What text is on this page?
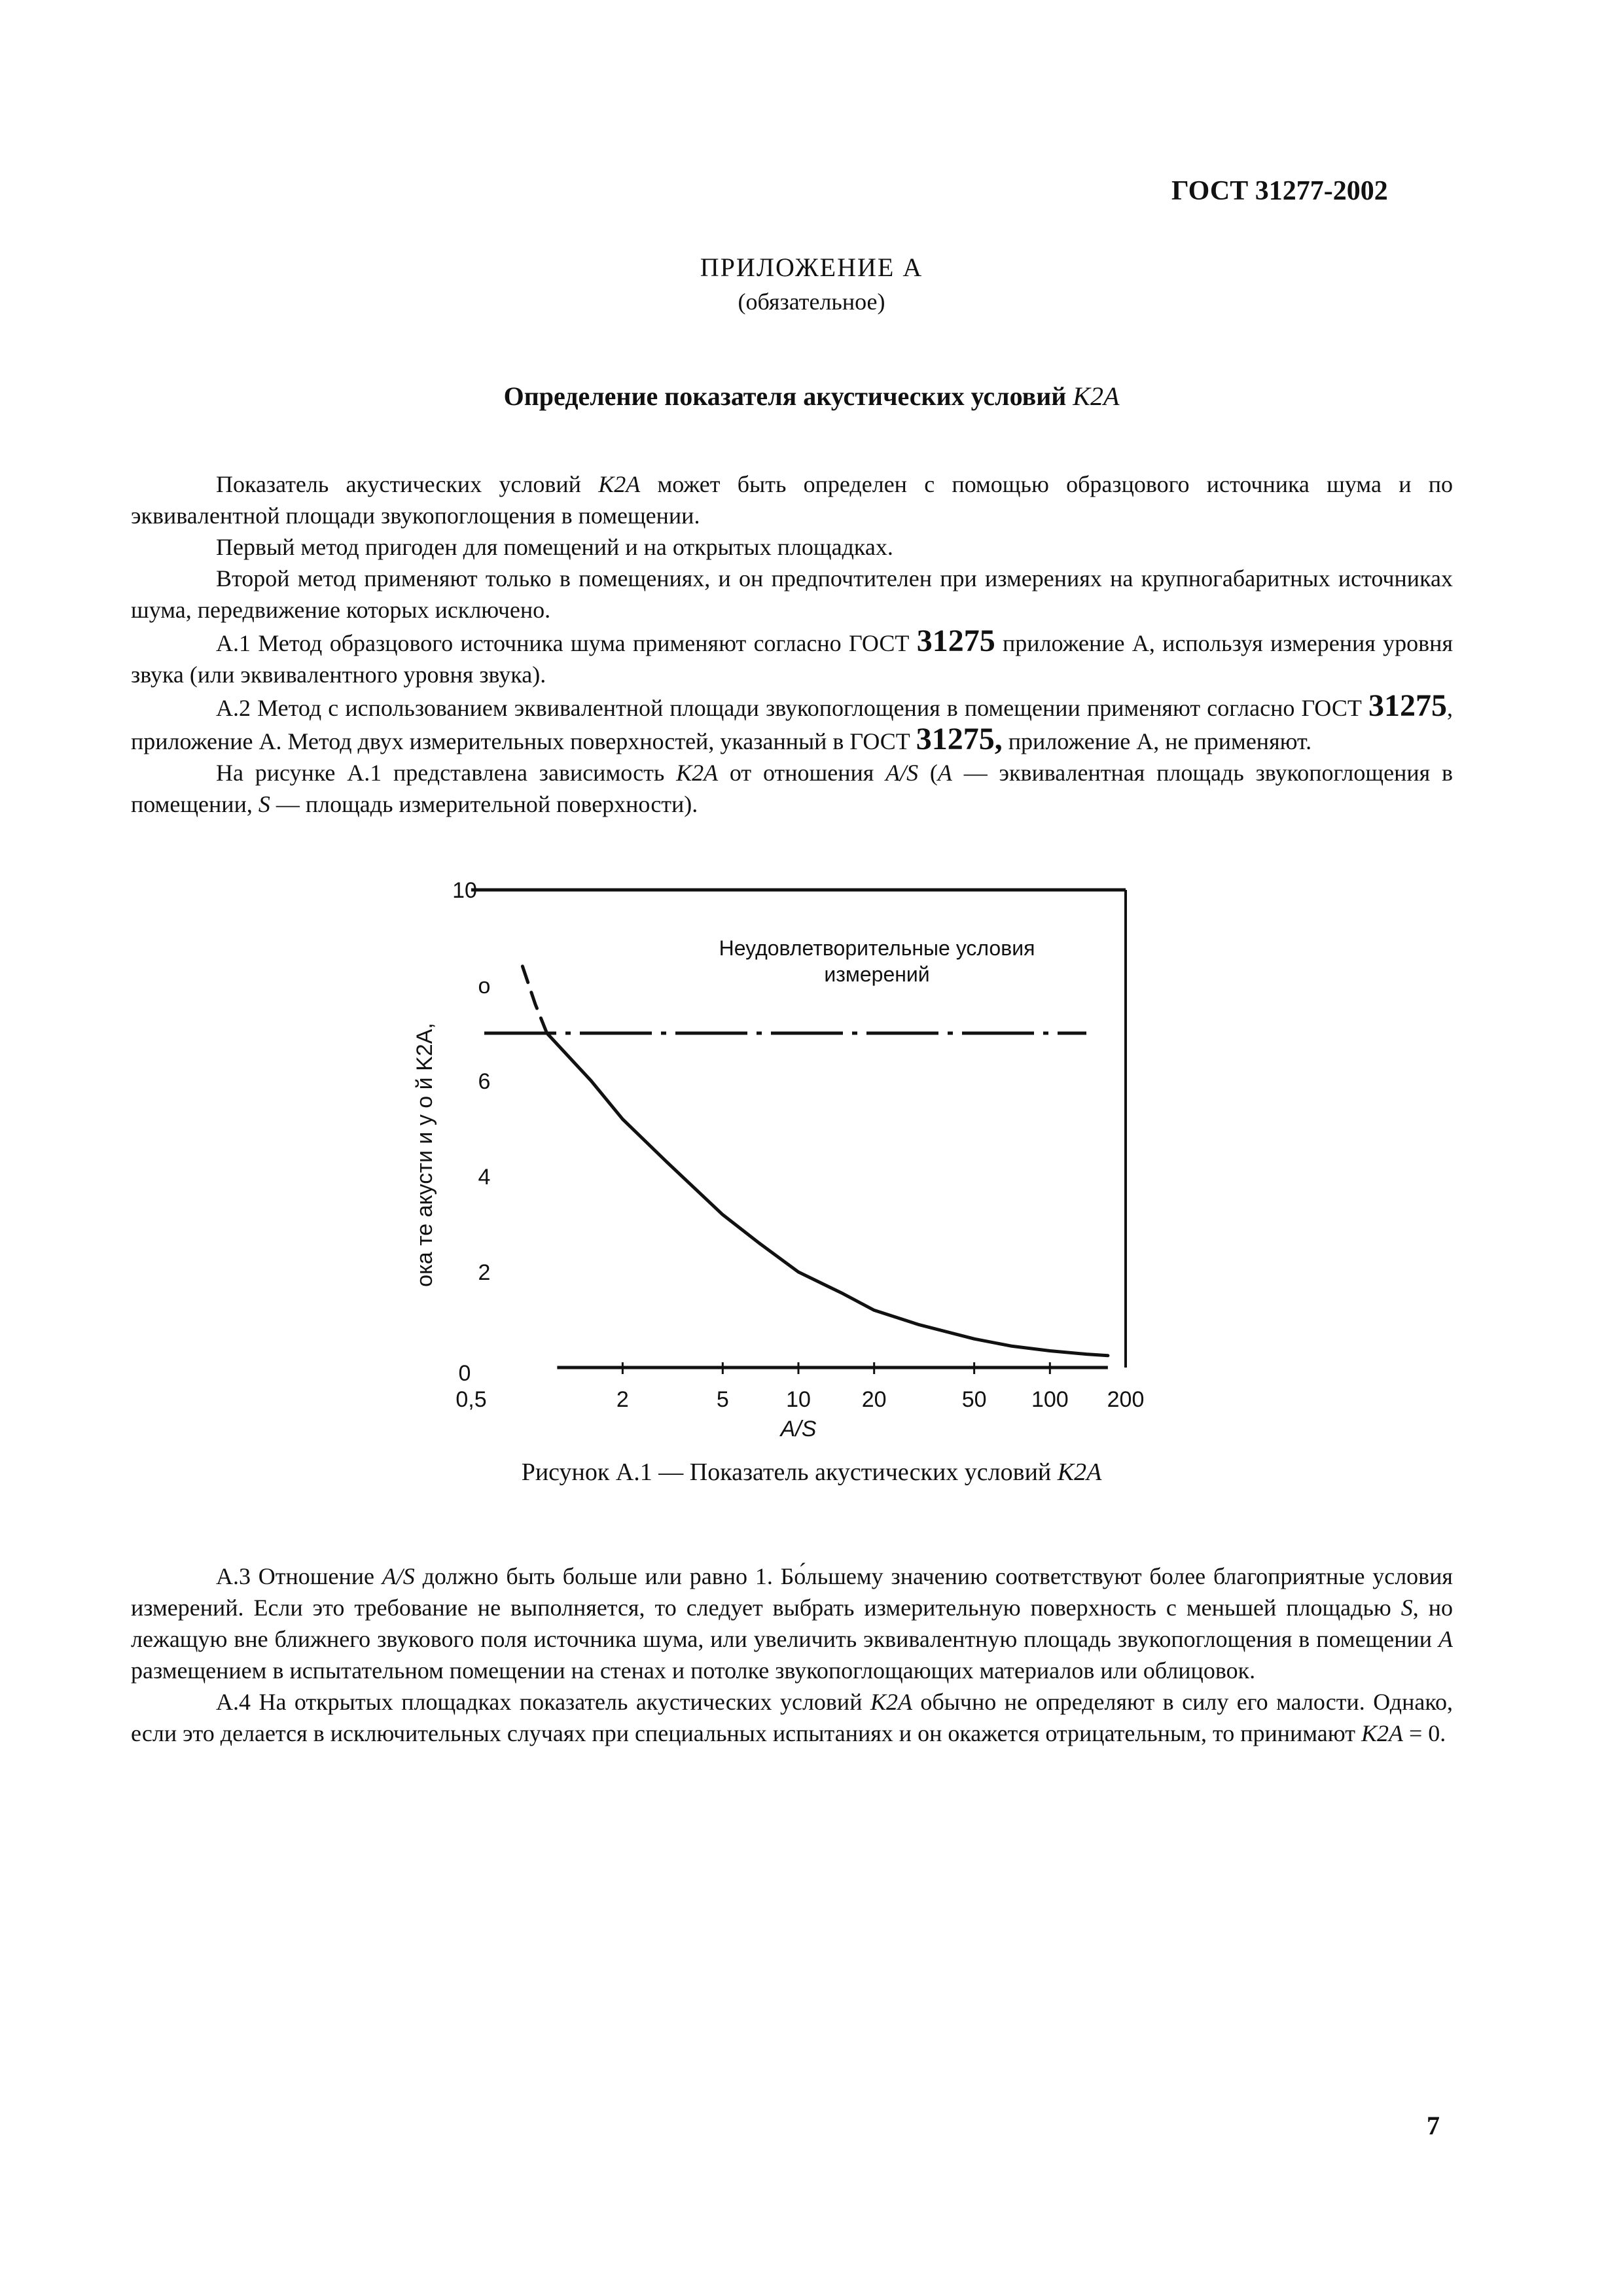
ГОСТ 31277-2002
ПРИЛОЖЕНИЕ А
(обязательное)
Определение показателя акустических условий K2A

Показатель акустических условий K2A может быть определен с помощью образцового источника шума и по эквивалентной площади звукопоглощения в помещении.

Первый метод пригоден для помещений и на открытых площадках.

Второй метод применяют только в помещениях, и он предпочтителен при измерениях на крупногабаритных источниках шума, передвижение которых исключено.

А.1 Метод образцового источника шума применяют согласно ГОСТ 31275 приложение А, используя измерения уровня звука (или эквивалентного уровня звука).

А.2 Метод с использованием эквивалентной площади звукопоглощения в помещении применяют согласно ГОСТ 31275, приложение А. Метод двух измерительных поверхностей, указанный в ГОСТ 31275, приложение А, не применяют.

На рисунке А.1 представлена зависимость K2A от отношения A/S (A — эквивалентная площадь звукопоглощения в помещении, S — площадь измерительной поверхности).

0,5	2	5	10 20	50 100 200
0
2
4
6
о
10
A/S
ока те акусти и у о й K2A,
Неудовлетворительные условия
измерений
Рисунок А.1 — Показатель акустических условий K2A

А.3 Отношение A/S должно быть больше или равно 1. Бо́льшему значению соответствуют более благоприятные условия измерений. Если это требование не выполняется, то следует выбрать измерительную поверхность с меньшей площадью S, но лежащую вне ближнего звукового поля источника шума, или увеличить эквивалентную площадь звукопоглощения в помещении A размещением в испытательном помещении на стенах и потолке звукопоглощающих материалов или облицовок.

А.4 На открытых площадках показатель акустических условий K2A обычно не определяют в силу его малости. Однако, если это делается в исключительных случаях при специальных испытаниях и он окажется отрицательным, то принимают K2A = 0.

7
